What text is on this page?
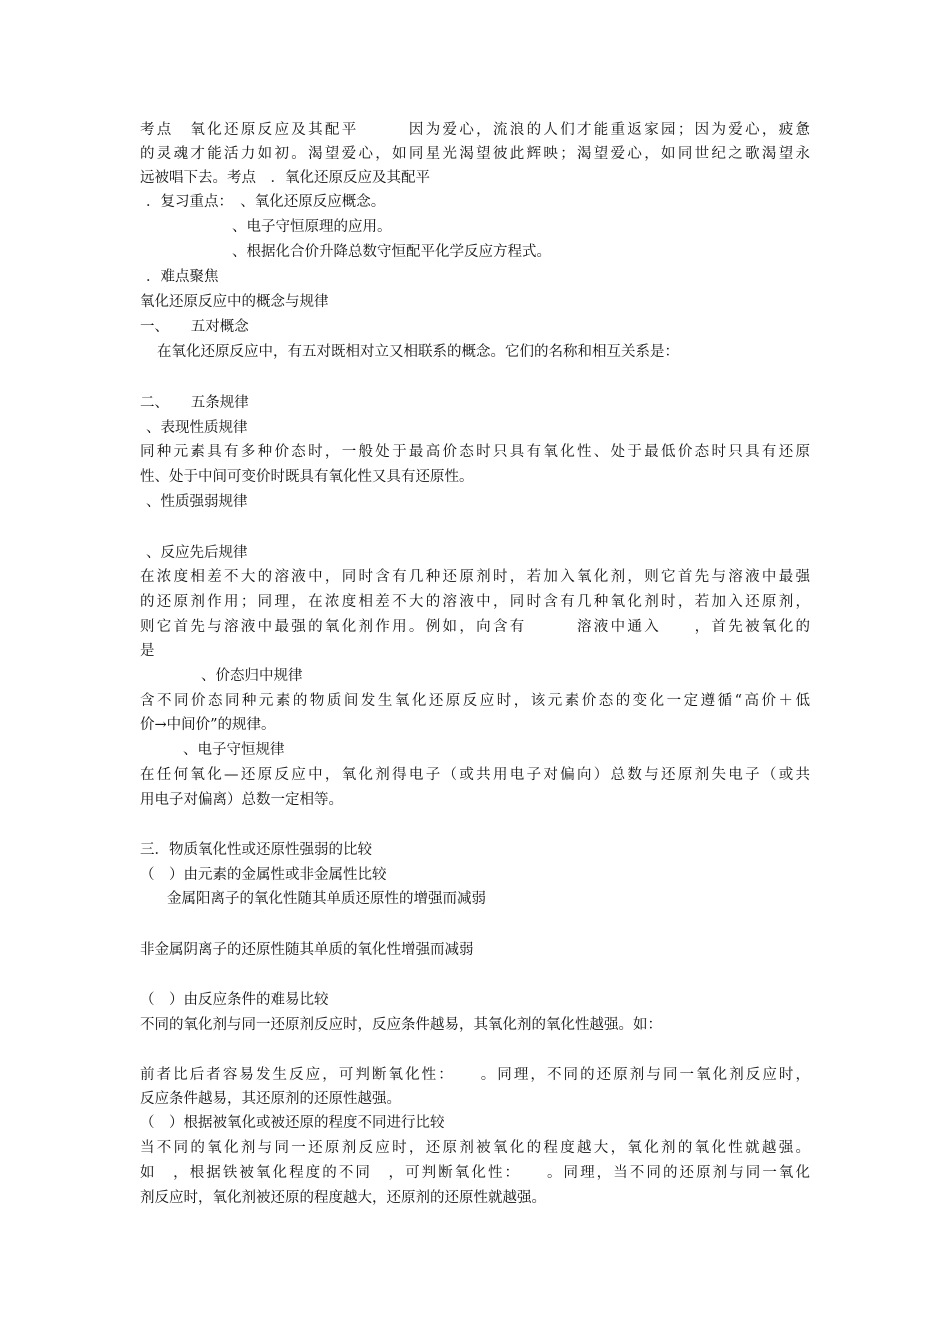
考点　氧化还原反应及其配平　　　因为爱心，流浪的人们才能重返家园；因为爱心，疲惫
的灵魂才能活力如初。渴望爱心，如同星光渴望彼此辉映；渴望爱心，如同世纪之歌渴望永
远被唱下去。考点　．氧化还原反应及其配平
．复习重点：　、氧化还原反应概念。
、电子守恒原理的应用。
、根据化合价升降总数守恒配平化学反应方程式。
．难点聚焦
氧化还原反应中的概念与规律
一、　　五对概念
在氧化还原反应中，有五对既相对立又相联系的概念。它们的名称和相互关系是：
二、　　五条规律
、表现性质规律
同种元素具有多种价态时，一般处于最高价态时只具有氧化性、处于最低价态时只具有还原
性、处于中间可变价时既具有氧化性又具有还原性。
、性质强弱规律
、反应先后规律
在浓度相差不大的溶液中，同时含有几种还原剂时，若加入氧化剂，则它首先与溶液中最强
的还原剂作用；同理，在浓度相差不大的溶液中，同时含有几种氧化剂时，若加入还原剂，
则它首先与溶液中最强的氧化剂作用。例如，向含有　　　溶液中通入　　，首先被氧化的
是
、价态归中规律
含不同价态同种元素的物质间发生氧化还原反应时，该元素价态的变化一定遵循“高价＋低
价→中间价”的规律。
、电子守恒规律
在任何氧化—还原反应中，氧化剂得电子（或共用电子对偏向）总数与还原剂失电子（或共
用电子对偏离）总数一定相等。
三．物质氧化性或还原性强弱的比较
（　）由元素的金属性或非金属性比较
金属阳离子的氧化性随其单质还原性的增强而减弱
非金属阴离子的还原性随其单质的氧化性增强而减弱
（　）由反应条件的难易比较
不同的氧化剂与同一还原剂反应时，反应条件越易，其氧化剂的氧化性越强。如：
前者比后者容易发生反应，可判断氧化性：　　。同理，不同的还原剂与同一氧化剂反应时，
反应条件越易，其还原剂的还原性越强。
（　）根据被氧化或被还原的程度不同进行比较
当不同的氧化剂与同一还原剂反应时，还原剂被氧化的程度越大，氧化剂的氧化性就越强。
如　，根据铁被氧化程度的不同　，可判断氧化性：　　。同理，当不同的还原剂与同一氧化
剂反应时，氧化剂被还原的程度越大，还原剂的还原性就越强。
